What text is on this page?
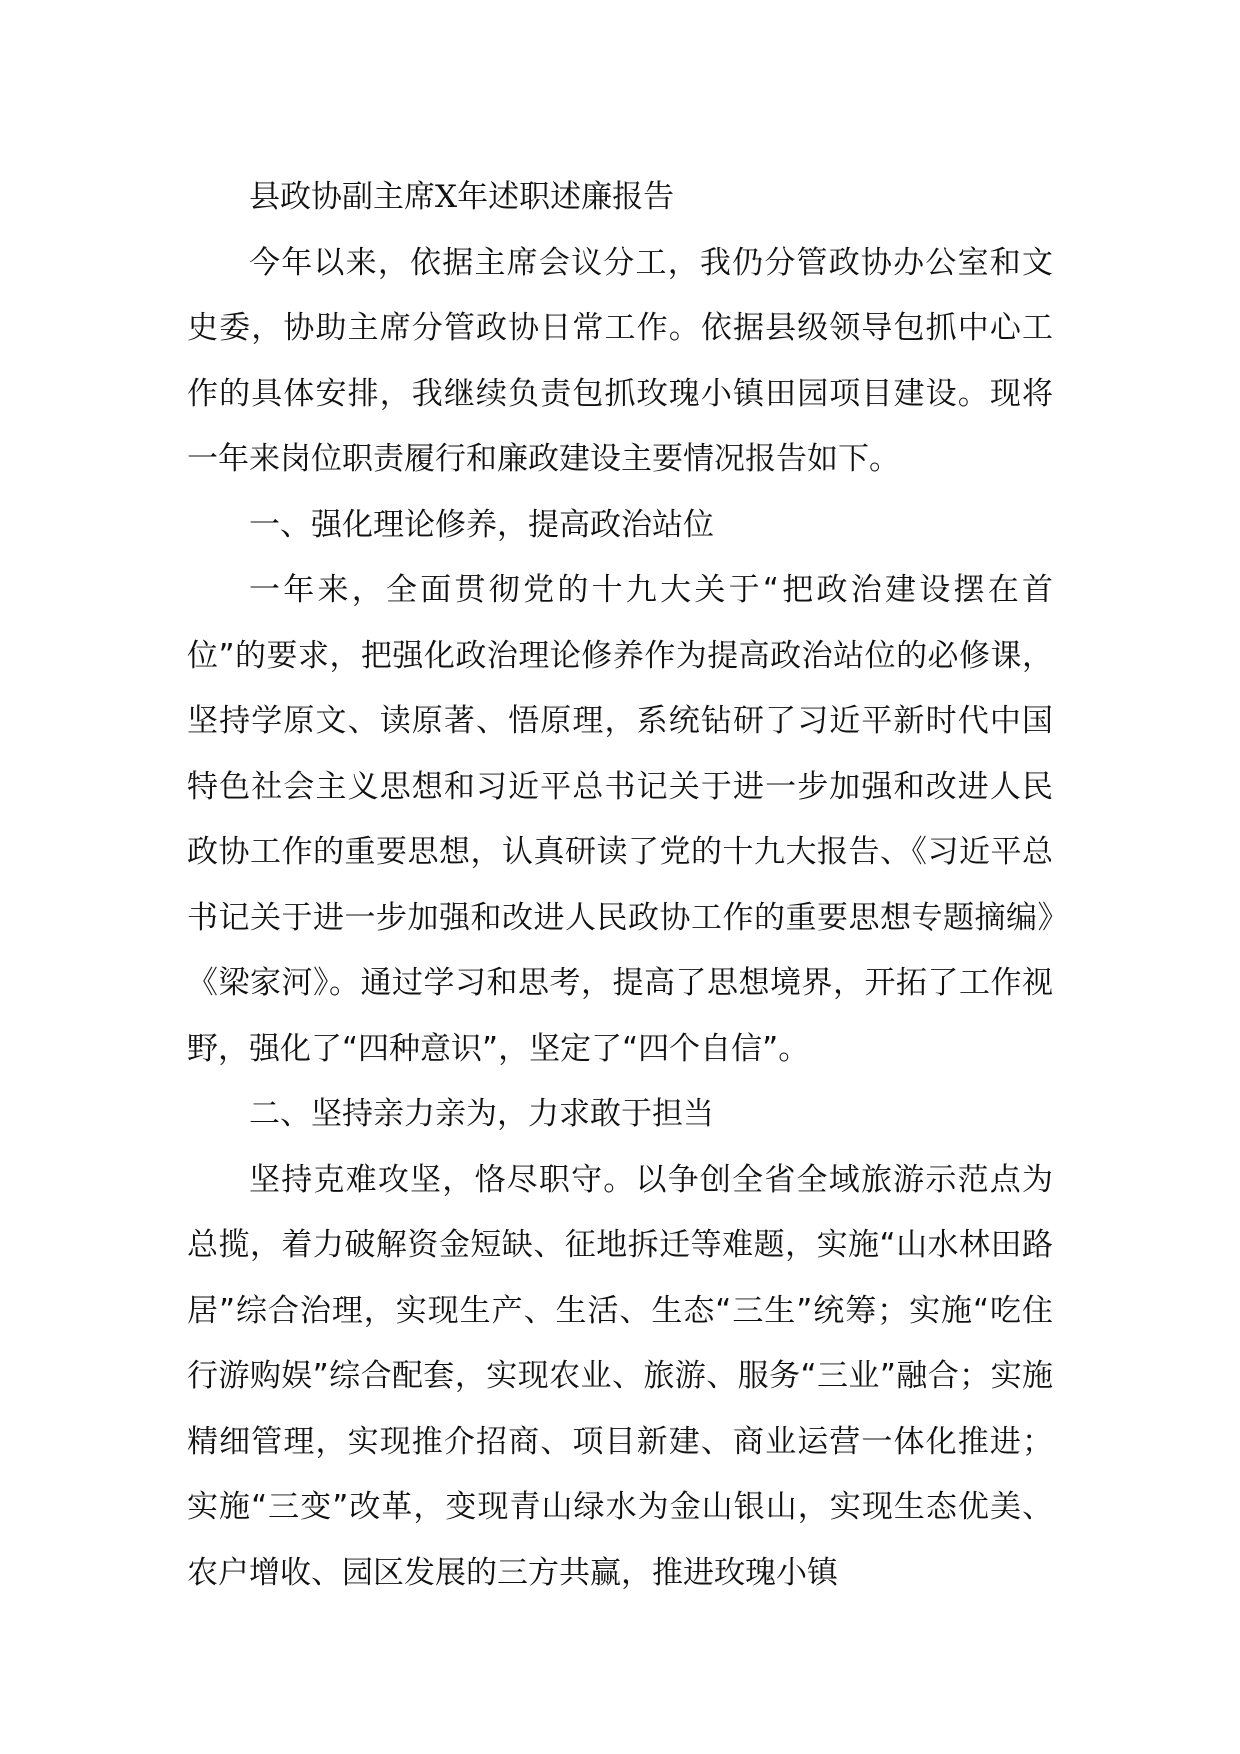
县政协副主席X年述职述廉报告

今年以来，依据主席会议分工，我仍分管政协办公室和文史委，协助主席分管政协日常工作。依据县级领导包抓中心工作的具体安排，我继续负责包抓玫瑰小镇田园项目建设。现将一年来岗位职责履行和廉政建设主要情况报告如下。

一、强化理论修养，提高政治站位

一年来，全面贯彻党的十九大关于“把政治建设摆在首位”的要求，把强化政治理论修养作为提高政治站位的必修课，坚持学原文、读原著、悟原理，系统钻研了习近平新时代中国特色社会主义思想和习近平总书记关于进一步加强和改进人民政协工作的重要思想，认真研读了党的十九大报告、《习近平总书记关于进一步加强和改进人民政协工作的重要思想专题摘编》《梁家河》。通过学习和思考，提高了思想境界，开拓了工作视野，强化了“四种意识”，坚定了“四个自信”。

二、坚持亲力亲为，力求敢于担当

坚持克难攻坚，恪尽职守。以争创全省全域旅游示范点为总揽，着力破解资金短缺、征地拆迁等难题，实施“山水林田路居”综合治理，实现生产、生活、生态“三生”统筹；实施“吃住行游购娱”综合配套，实现农业、旅游、服务“三业”融合；实施精细管理，实现推介招商、项目新建、商业运营一体化推进；实施“三变”改革，变现青山绿水为金山银山，实现生态优美、农户增收、园区发展的三方共赢，推进玫瑰小镇
